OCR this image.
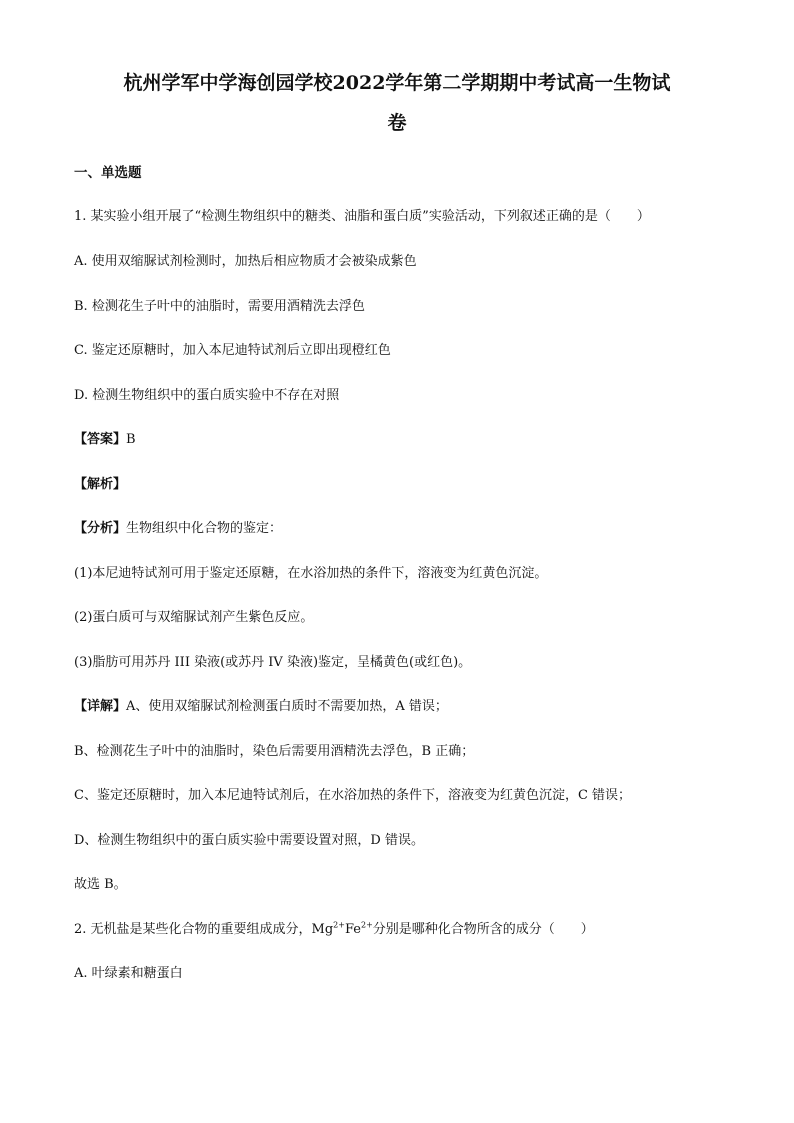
杭州学军中学海创园学校2022学年第二学期期中考试高一生物试
卷
一、单选题
1. 某实验小组开展了“检测生物组织中的糖类、油脂和蛋白质”实验活动，下列叙述正确的是（　　）
A. 使用双缩脲试剂检测时，加热后相应物质才会被染成紫色
B. 检测花生子叶中的油脂时，需要用酒精洗去浮色
C. 鉴定还原糖时，加入本尼迪特试剂后立即出现橙红色
D. 检测生物组织中的蛋白质实验中不存在对照
【答案】B
【解析】
【分析】生物组织中化合物的鉴定：
(1)本尼迪特试剂可用于鉴定还原糖，在水浴加热的条件下，溶液变为红黄色沉淀。
(2)蛋白质可与双缩脲试剂产生紫色反应。
(3)脂肪可用苏丹 III 染液(或苏丹 IV 染液)鉴定，呈橘黄色(或红色)。
【详解】A、使用双缩脲试剂检测蛋白质时不需要加热，A 错误；
B、检测花生子叶中的油脂时，染色后需要用酒精洗去浮色，B 正确；
C、鉴定还原糖时，加入本尼迪特试剂后，在水浴加热的条件下，溶液变为红黄色沉淀，C 错误；
D、检测生物组织中的蛋白质实验中需要设置对照，D 错误。
故选 B。
2. 无机盐是某些化合物的重要组成成分，$Mg^{2+}Fe^{2+}$分别是哪种化合物所含的成分（　　）
A. 叶绿素和糖蛋白
